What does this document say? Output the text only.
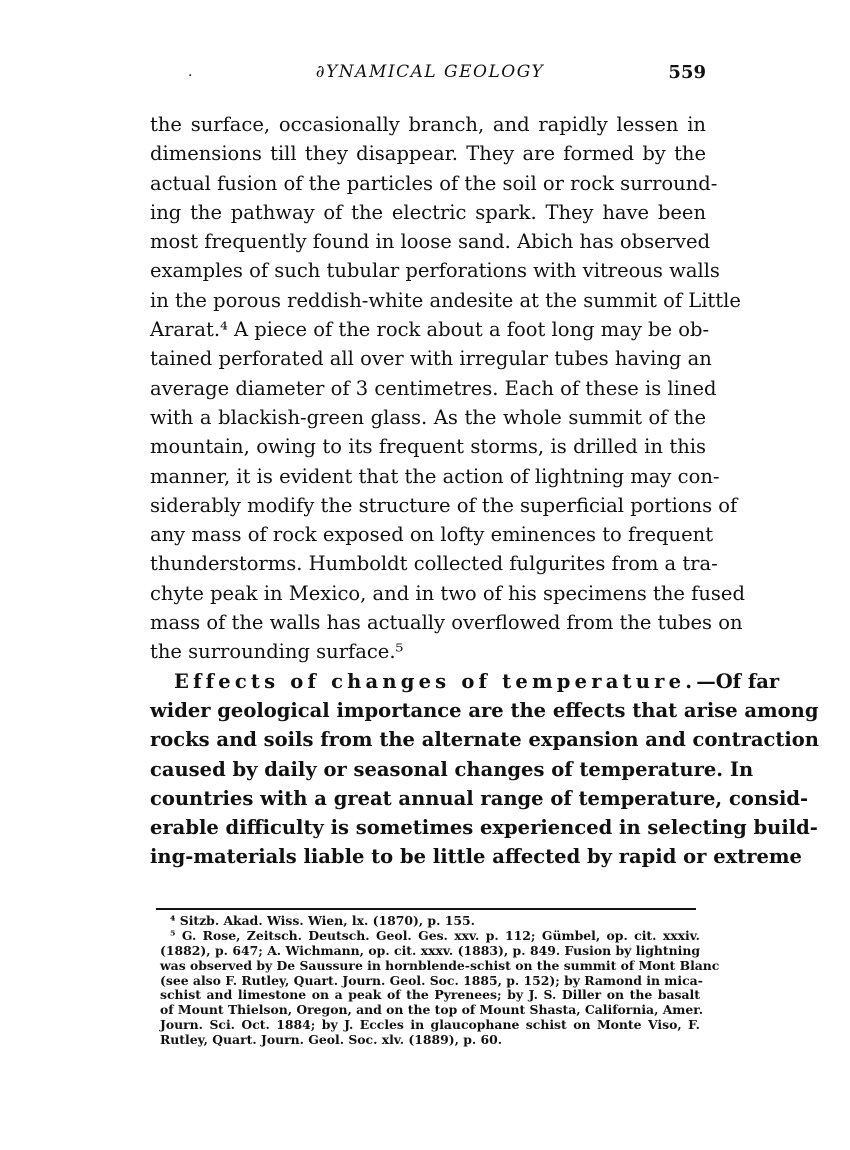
·	∂YNAMICAL GEOLOGY	559
the surface, occasionally branch, and rapidly lessen in
dimensions till they disappear. They are formed by the
actual fusion of the particles of the soil or rock surround-
ing the pathway of the electric spark. They have been
most frequently found in loose sand. Abich has observed
examples of such tubular perforations with vitreous walls
in the porous reddish-white andesite at the summit of Little
Ararat.⁴ A piece of the rock about a foot long may be ob-
tained perforated all over with irregular tubes having an
average diameter of 3 centimetres. Each of these is lined
with a blackish-green glass. As the whole summit of the
mountain, owing to its frequent storms, is drilled in this
manner, it is evident that the action of lightning may con-
siderably modify the structure of the superficial portions of
any mass of rock exposed on lofty eminences to frequent
thunderstorms. Humboldt collected fulgurites from a tra-
chyte peak in Mexico, and in two of his specimens the fused
mass of the walls has actually overflowed from the tubes on
the surrounding surface.⁵
Effects of changes of temperature.—Of far
wider geological importance are the effects that arise among
rocks and soils from the alternate expansion and contraction
caused by daily or seasonal changes of temperature. In
countries with a great annual range of temperature, consid-
erable difficulty is sometimes experienced in selecting build-
ing-materials liable to be little affected by rapid or extreme
⁴ Sitzb. Akad. Wiss. Wien, lx. (1870), p. 155.
⁵ G. Rose, Zeitsch. Deutsch. Geol. Ges. xxv. p. 112; Gümbel, op. cit. xxxiv.
(1882), p. 647; A. Wichmann, op. cit. xxxv. (1883), p. 849. Fusion by lightning
was observed by De Saussure in hornblende-schist on the summit of Mont Blanc
(see also F. Rutley, Quart. Journ. Geol. Soc. 1885, p. 152); by Ramond in mica-
schist and limestone on a peak of the Pyrenees; by J. S. Diller on the basalt
of Mount Thielson, Oregon, and on the top of Mount Shasta, California, Amer.
Journ. Sci. Oct. 1884; by J. Eccles in glaucophane schist on Monte Viso, F.
Rutley, Quart. Journ. Geol. Soc. xlv. (1889), p. 60.
